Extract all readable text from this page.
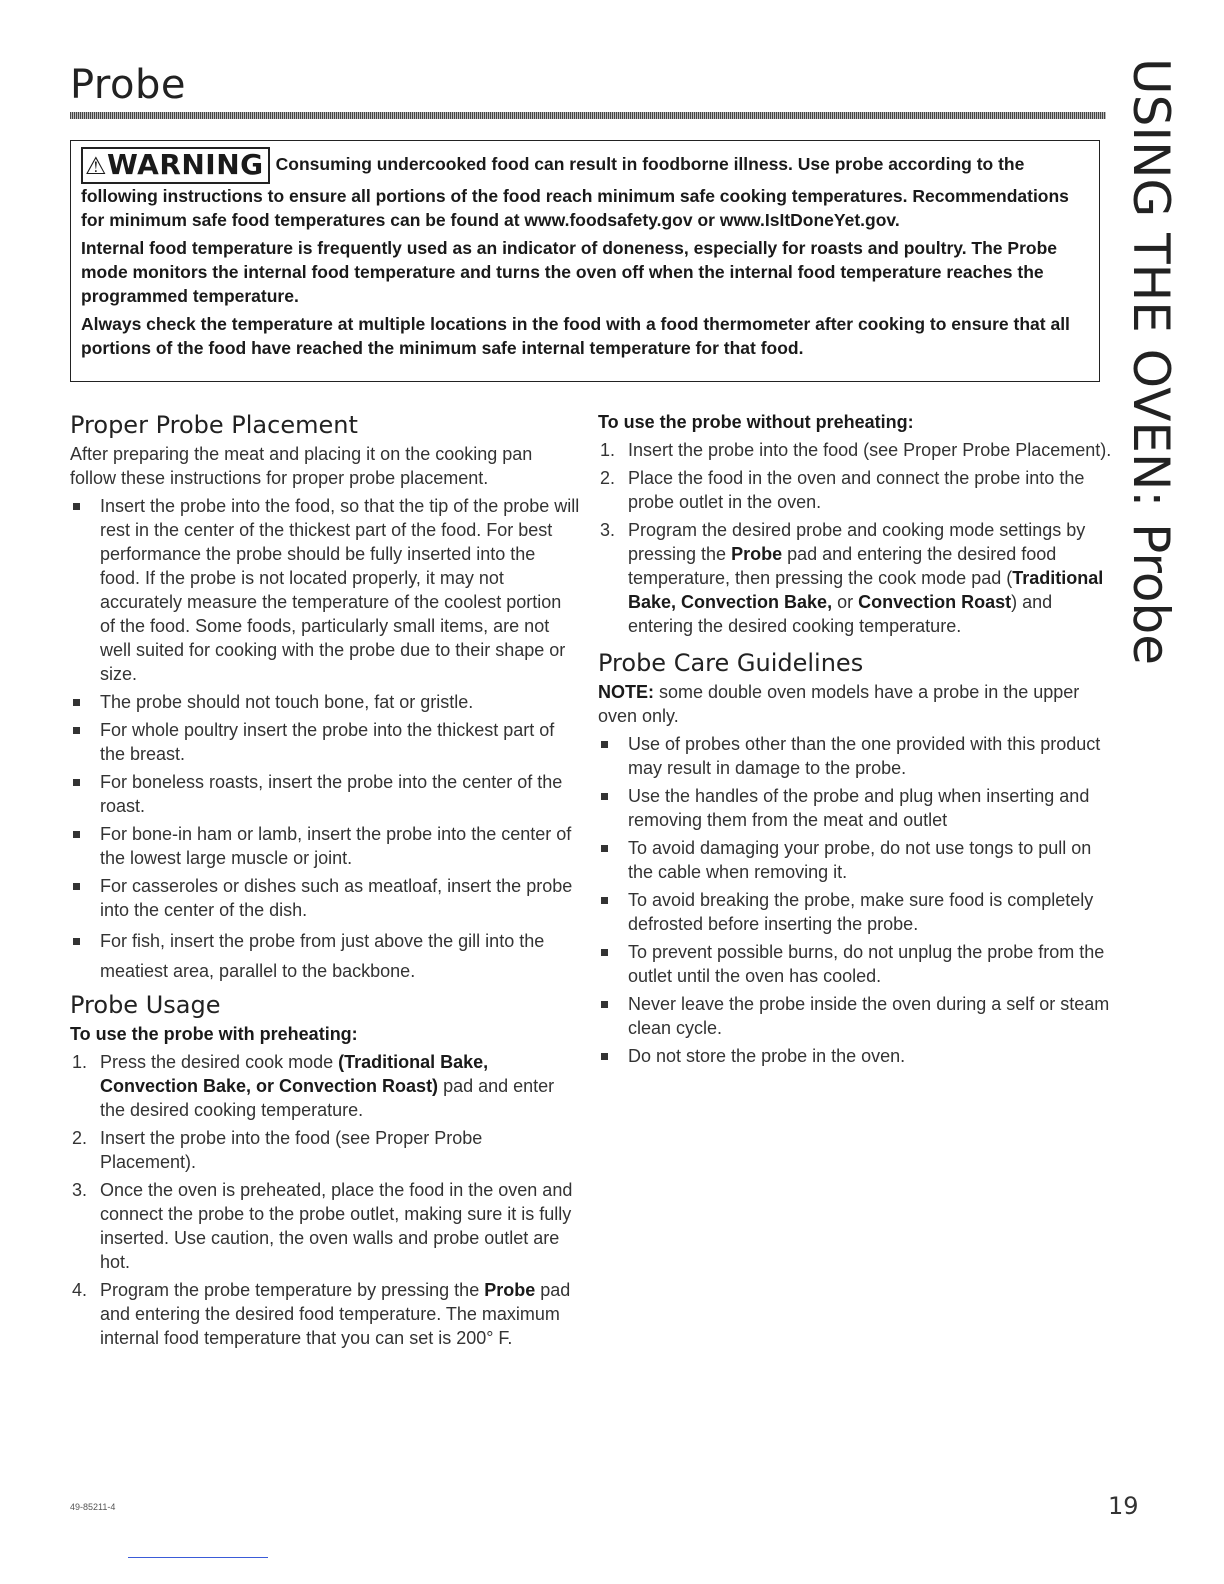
Probe	USING THE OVEN: Probe

⚠WARNING Consuming undercooked food can result in foodborne illness. Use probe according to the following instructions to ensure all portions of the food reach minimum safe cooking temperatures. Recommendations for minimum safe food temperatures can be found at www.foodsafety.gov or www.IsItDoneYet.gov.

Internal food temperature is frequently used as an indicator of doneness, especially for roasts and poultry. The Probe mode monitors the internal food temperature and turns the oven off when the internal food temperature reaches the programmed temperature.

Always check the temperature at multiple locations in the food with a food thermometer after cooking to ensure that all portions of the food have reached the minimum safe internal temperature for that food.

Proper Probe Placement

After preparing the meat and placing it on the cooking pan follow these instructions for proper probe placement.

Insert the probe into the food, so that the tip of the probe will rest in the center of the thickest part of the food. For best performance the probe should be fully inserted into the food. If the probe is not located properly, it may not accurately measure the temperature of the coolest portion of the food. Some foods, particularly small items, are not well suited for cooking with the probe due to their shape or size.
The probe should not touch bone, fat or gristle.
For whole poultry insert the probe into the thickest part of the breast.
For boneless roasts, insert the probe into the center of the roast.
For bone-in ham or lamb, insert the probe into the center of the lowest large muscle or joint.
For casseroles or dishes such as meatloaf, insert the probe into the center of the dish.
For fish, insert the probe from just above the gill into the meatiest area, parallel to the backbone.
Probe Usage
To use the probe with preheating:
1. Press the desired cook mode (Traditional Bake, Convection Bake, or Convection Roast) pad and enter the desired cooking temperature.
2. Insert the probe into the food (see Proper Probe Placement).
3. Once the oven is preheated, place the food in the oven and connect the probe to the probe outlet, making sure it is fully inserted. Use caution, the oven walls and probe outlet are hot.
4. Program the probe temperature by pressing the Probe pad and entering the desired food temperature. The maximum internal food temperature that you can set is 200° F.
To use the probe without preheating:
1. Insert the probe into the food (see Proper Probe Placement).
2. Place the food in the oven and connect the probe into the probe outlet in the oven.
3. Program the desired probe and cooking mode settings by pressing the Probe pad and entering the desired food temperature, then pressing the cook mode pad (Traditional Bake, Convection Bake, or Convection Roast) and entering the desired cooking temperature.
Probe Care Guidelines

NOTE: some double oven models have a probe in the upper oven only.

Use of probes other than the one provided with this product may result in damage to the probe.
Use the handles of the probe and plug when inserting and removing them from the meat and outlet
To avoid damaging your probe, do not use tongs to pull on the cable when removing it.
To avoid breaking the probe, make sure food is completely defrosted before inserting the probe.
To prevent possible burns, do not unplug the probe from the outlet until the oven has cooled.
Never leave the probe inside the oven during a self or steam clean cycle.
Do not store the probe in the oven.
49-85211-4	19
